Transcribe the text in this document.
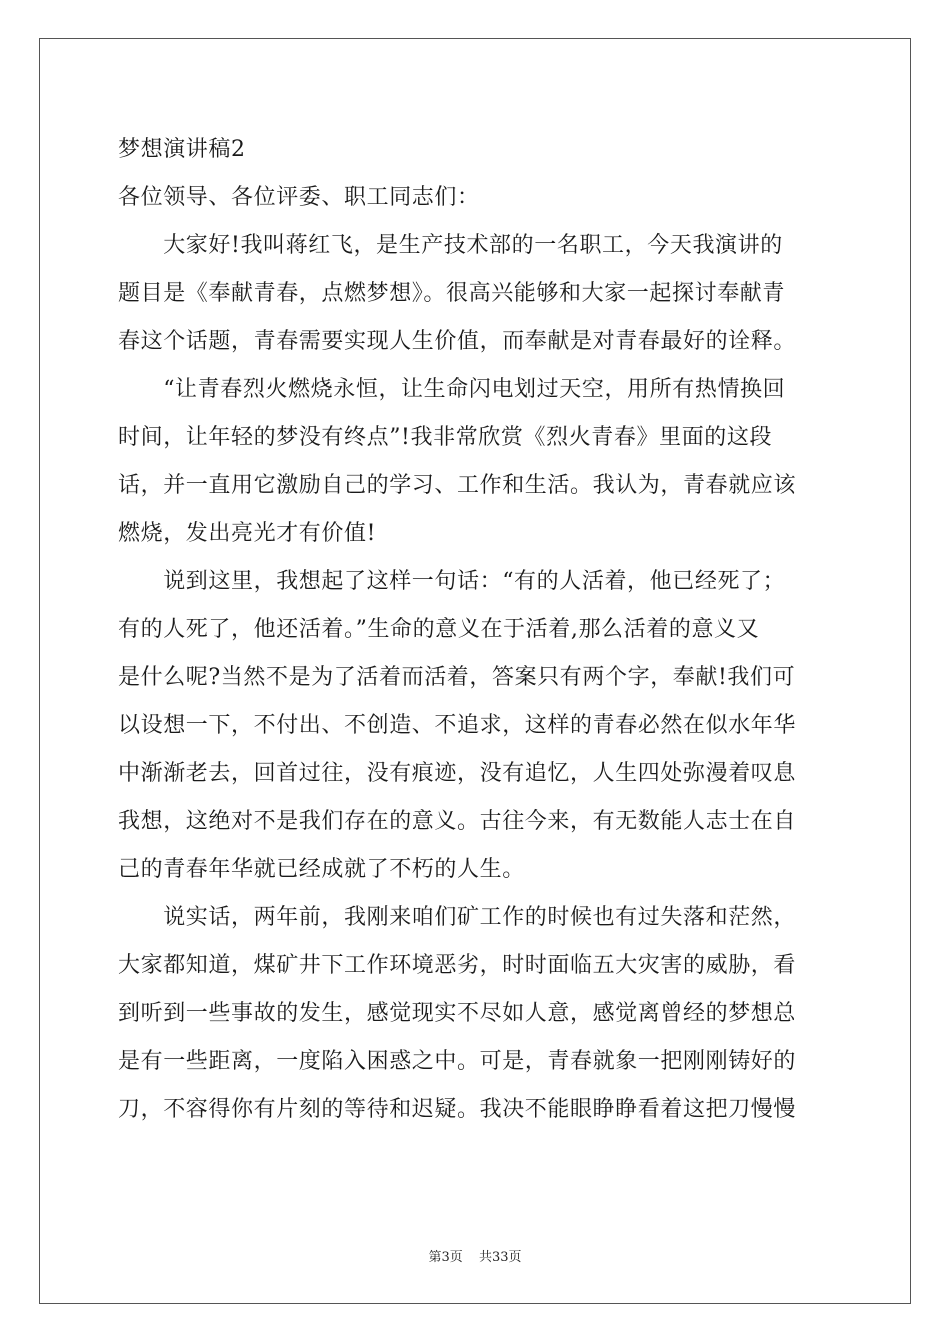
梦想演讲稿2
各位领导、各位评委、职工同志们：
　　大家好!我叫蒋红飞，是生产技术部的一名职工，今天我演讲的
题目是《奉献青春，点燃梦想》。很高兴能够和大家一起探讨奉献青
春这个话题，青春需要实现人生价值，而奉献是对青春最好的诠释。
　　“让青春烈火燃烧永恒，让生命闪电划过天空，用所有热情换回
时间，让年轻的梦没有终点”!我非常欣赏《烈火青春》里面的这段
话，并一直用它激励自己的学习、工作和生活。我认为，青春就应该
燃烧，发出亮光才有价值!
　　说到这里，我想起了这样一句话：“有的人活着，他已经死了；
有的人死了，他还活着。”生命的意义在于活着,那么活着的意义又
是什么呢?当然不是为了活着而活着，答案只有两个字，奉献!我们可
以设想一下，不付出、不创造、不追求，这样的青春必然在似水年华
中渐渐老去，回首过往，没有痕迹，没有追忆，人生四处弥漫着叹息
我想，这绝对不是我们存在的意义。古往今来，有无数能人志士在自
己的青春年华就已经成就了不朽的人生。
　　说实话，两年前，我刚来咱们矿工作的时候也有过失落和茫然，
大家都知道，煤矿井下工作环境恶劣，时时面临五大灾害的威胁，看
到听到一些事故的发生，感觉现实不尽如人意，感觉离曾经的梦想总
是有一些距离，一度陷入困惑之中。可是，青春就象一把刚刚铸好的
刀，不容得你有片刻的等待和迟疑。我决不能眼睁睁看着这把刀慢慢
第3页 共33页
